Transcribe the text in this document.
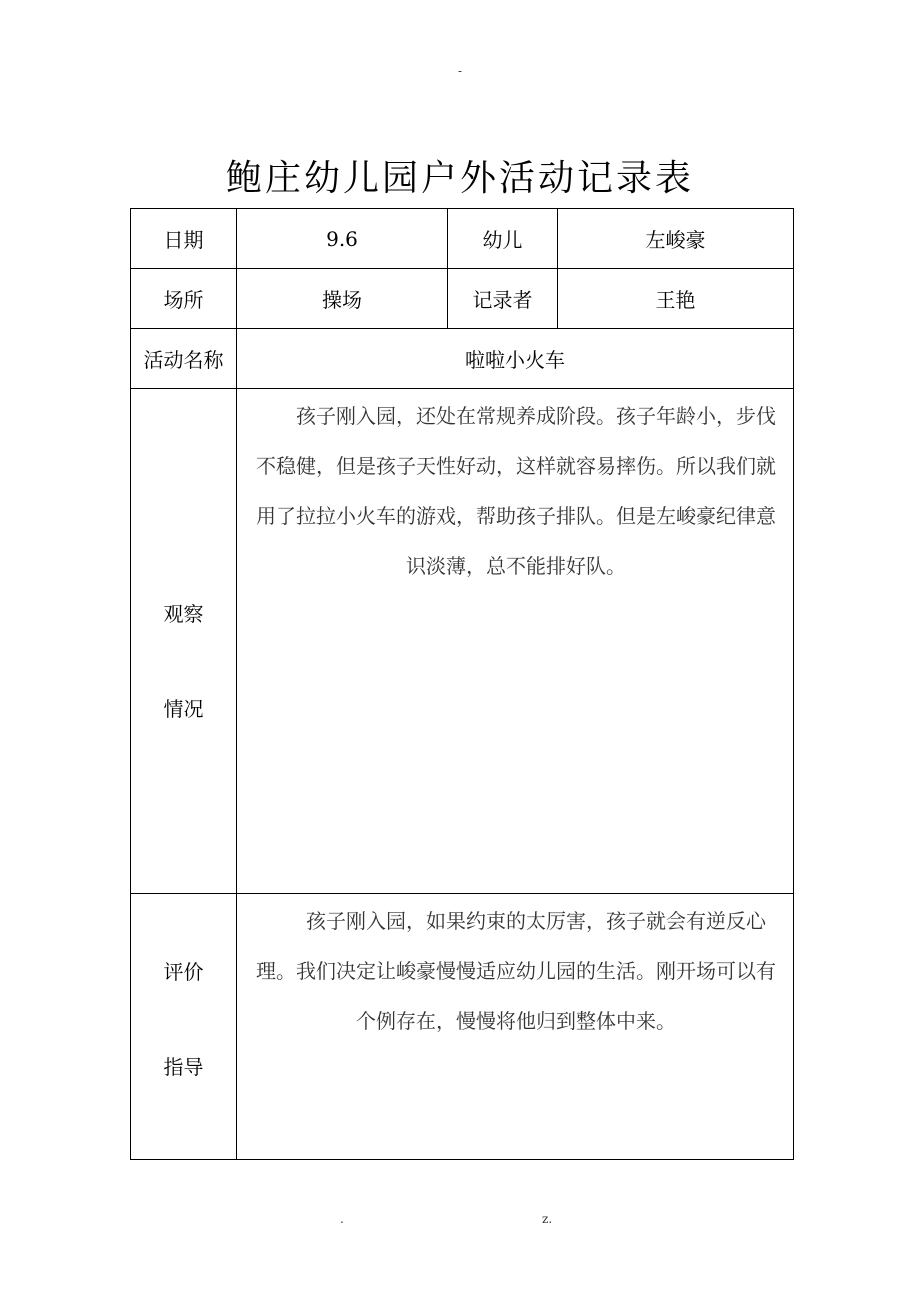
-
鲍庄幼儿园户外活动记录表
日期	9.6	幼儿	左峻豪
场所	操场	记录者	王艳
活动名称	啦啦小火车		

观察
情况	孩子刚入园，还处在常规养成阶段。孩子年龄小，步伐不稳健，但是孩子天性好动，这样就容易摔伤。所以我们就用了拉拉小火车的游戏，帮助孩子排队。但是左峻豪纪律意识淡薄，总不能排好队。		

评价
指导	孩子刚入园，如果约束的太厉害，孩子就会有逆反心理。我们决定让峻豪慢慢适应幼儿园的生活。刚开场可以有个例存在，慢慢将他归到整体中来。		
.	z.
